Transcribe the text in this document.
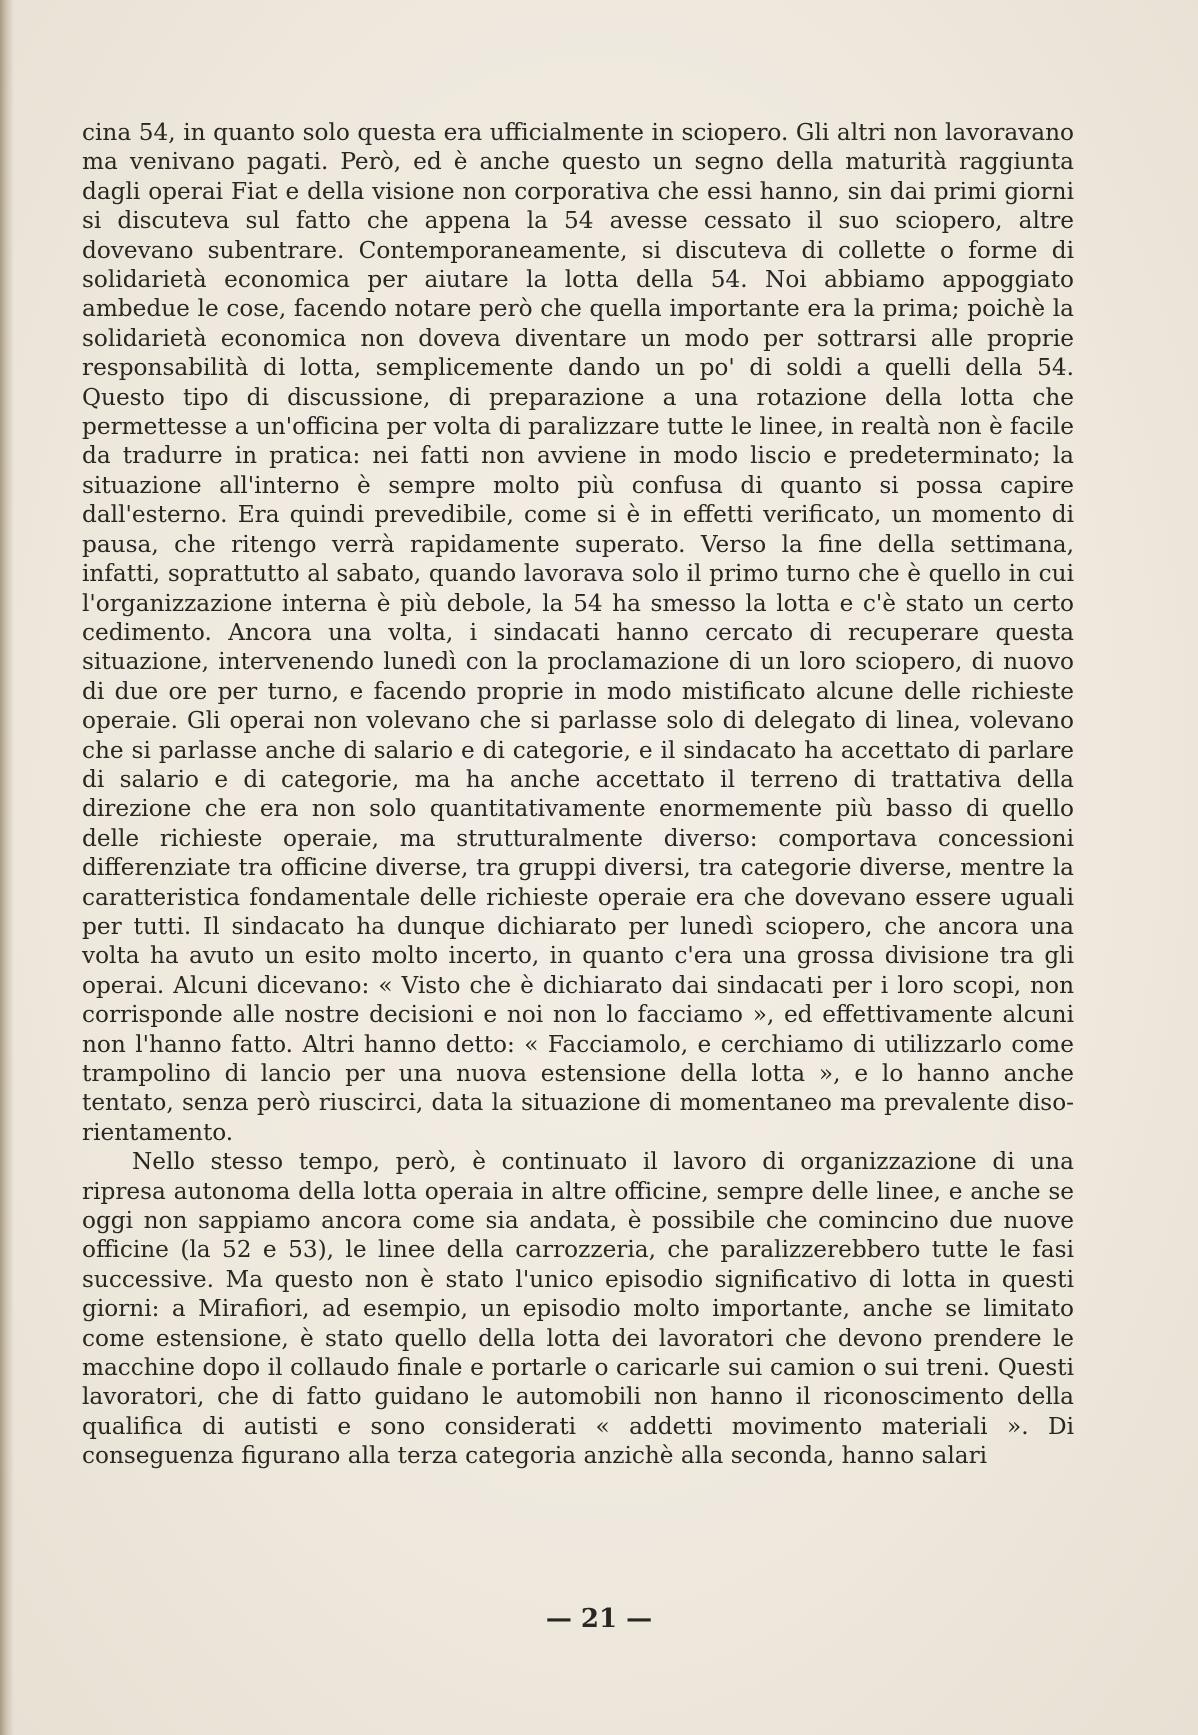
cina 54, in quanto solo questa era ufficialmente in sciopero. Gli altri non lavoravano ma venivano pagati. Però, ed è anche questo un segno della maturità raggiunta dagli operai Fiat e della visione non corporativa che essi hanno, sin dai primi giorni si discuteva sul fatto che appena la 54 avesse cessato il suo sciopero, altre dovevano subentrare. Contemporaneamente, si discuteva di collette o forme di solidarietà economica per aiutare la lotta della 54. Noi abbiamo appoggiato ambedue le cose, facendo notare però che quella importante era la prima; poichè la solidarietà economica non doveva diventare un modo per sottrarsi alle proprie responsabilità di lotta, semplicemente dando un po' di soldi a quelli della 54. Questo tipo di discussione, di preparazione a una rotazione della lotta che permettesse a un'officina per volta di paralizzare tutte le linee, in realtà non è facile da tradurre in pratica: nei fatti non avviene in modo liscio e predeterminato; la situazione all'interno è sempre molto più confusa di quanto si possa capire dall'esterno. Era quindi prevedibile, come si è in effetti verificato, un momento di pausa, che ritengo verrà rapidamente superato. Verso la fine della settimana, infatti, soprattutto al sabato, quando lavorava solo il primo turno che è quello in cui l'organizzazione interna è più debole, la 54 ha smesso la lotta e c'è stato un certo cedimento. Ancora una volta, i sindacati hanno cercato di recuperare questa situazione, intervenendo lunedì con la proclamazione di un loro sciopero, di nuovo di due ore per turno, e facendo proprie in modo mistificato alcune delle richieste operaie. Gli operai non volevano che si parlasse solo di delegato di linea, volevano che si parlasse anche di salario e di categorie, e il sindacato ha accettato di parlare di salario e di categorie, ma ha anche accettato il terreno di trattativa della direzione che era non solo quantitativamente enormemente più basso di quello delle richieste operaie, ma strutturalmente diverso: comportava concessioni differenziate tra officine diverse, tra gruppi diversi, tra categorie diverse, mentre la caratteristica fondamentale delle richieste operaie era che dovevano essere uguali per tutti. Il sindacato ha dunque dichiarato per lunedì sciopero, che ancora una volta ha avuto un esito molto incerto, in quanto c'era una grossa divisione tra gli operai. Alcuni dicevano: « Visto che è dichiarato dai sindacati per i loro scopi, non corrisponde alle nostre decisioni e noi non lo facciamo », ed effettivamente alcuni non l'hanno fatto. Altri hanno detto: « Facciamolo, e cerchiamo di utilizzarlo come trampolino di lancio per una nuova estensione della lotta », e lo hanno anche tentato, senza però riuscirci, data la situazione di momentaneo ma prevalente disorientamento.

Nello stesso tempo, però, è continuato il lavoro di organizzazione di una ripresa autonoma della lotta operaia in altre officine, sempre delle linee, e anche se oggi non sappiamo ancora come sia andata, è possibile che comincino due nuove officine (la 52 e 53), le linee della carrozzeria, che paralizzerebbero tutte le fasi successive. Ma questo non è stato l'unico episodio significativo di lotta in questi giorni: a Mirafiori, ad esempio, un episodio molto importante, anche se limitato come estensione, è stato quello della lotta dei lavoratori che devono prendere le macchine dopo il collaudo finale e portarle o caricarle sui camion o sui treni. Questi lavoratori, che di fatto guidano le automobili non hanno il riconoscimento della qualifica di autisti e sono considerati « addetti movimento materiali ». Di conseguenza figurano alla terza categoria anzichè alla seconda, hanno salari

— 21 —
